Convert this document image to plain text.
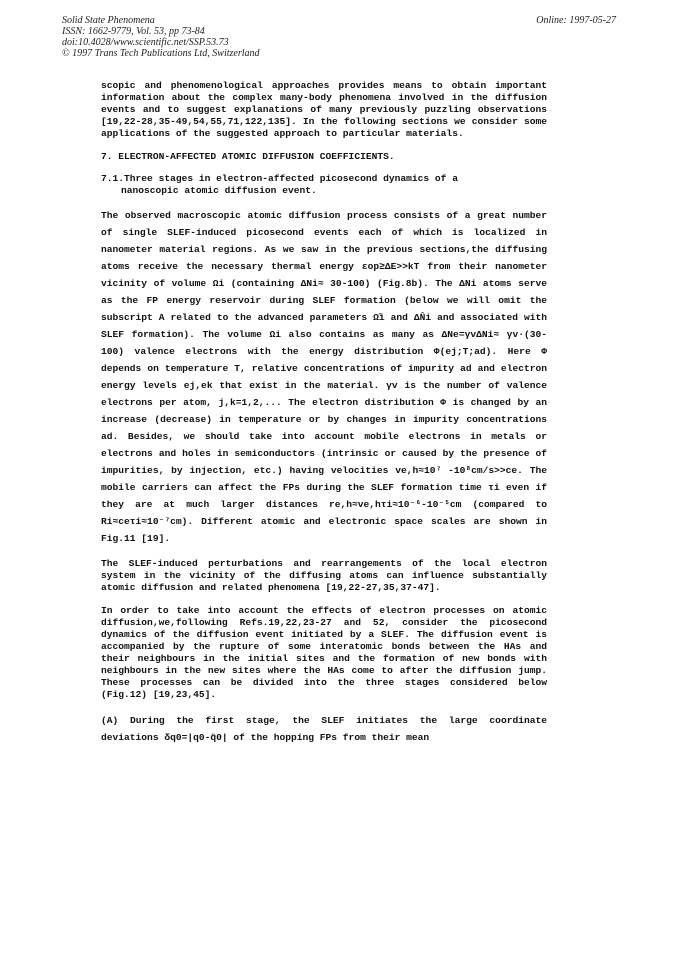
Solid State Phenomena
ISSN: 1662-9779, Vol. 53, pp 73-84
doi:10.4028/www.scientific.net/SSP.53.73
© 1997 Trans Tech Publications Ltd, Switzerland
Online: 1997-05-27

scopic and phenomenological approaches provides means to obtain important information about the complex many-body phenomena involved in the diffusion events and to suggest explanations of many previously puzzling observations [19,22-28,35-49,54,55,71,122,135]. In the following sections we consider some applications of the suggested approach to particular materials.

7. ELECTRON-AFFECTED ATOMIC DIFFUSION COEFFICIENTS.

7.1.Three stages in electron-affected picosecond dynamics of a
nanoscopic atomic diffusion event.

The observed macroscopic atomic diffusion process consists of a great number of single SLEF-induced picosecond events each of which is localized in nanometer material regions. As we saw in the previous sections,the diffusing atoms receive the necessary thermal energy εop≥ΔE>>kT from their nanometer vicinity of volume Ωi (containing ΔNi≈ 30-100) (Fig.8b). The ΔNi atoms serve as the FP energy reservoir during SLEF formation (below we will omit the subscript A related to the advanced parameters Ω̂i and ΔN̂i and associated with SLEF formation). The volume Ωi also contains as many as ΔNe=γvΔNi≈ γv·(30-100) valence electrons with the energy distribution Φ(ej;T;ad). Here Φ depends on temperature T, relative concentrations of impurity ad and electron energy levels ej,ek that exist in the material. γv is the number of valence electrons per atom, j,k=1,2,... The electron distribution Φ is changed by an increase (decrease) in temperature or by changes in impurity concentrations ad. Besides, we should take into account mobile electrons in metals or electrons and holes in semiconductors (intrinsic or caused by the presence of impurities, by injection, etc.) having velocities ve,h≈10⁷ -10⁸cm/s>>ce. The mobile carriers can affect the FPs during the SLEF formation time τi even if they are at much larger distances re,h≈ve,hτi≈10⁻⁶-10⁻⁵cm (compared to Ri≈ceτi≈10⁻⁷cm). Different atomic and electronic space scales are shown in Fig.11 [19].

The SLEF-induced perturbations and rearrangements of the local electron system in the vicinity of the diffusing atoms can influence substantially atomic diffusion and related phenomena [19,22-27,35,37-47].

In order to take into account the effects of electron processes on atomic diffusion,we,following Refs.19,22,23-27 and 52, consider the picosecond dynamics of the diffusion event initiated by a SLEF. The diffusion event is accompanied by the rupture of some interatomic bonds between the HAs and their neighbours in the initial sites and the formation of new bonds with neighbours in the new sites where the HAs come to after the diffusion jump. These processes can be divided into the three stages considered below (Fig.12) [19,23,45].

(A) During the first stage, the SLEF initiates the large coordinate deviations δq0=|q0-q̄0| of the hopping FPs from their mean
